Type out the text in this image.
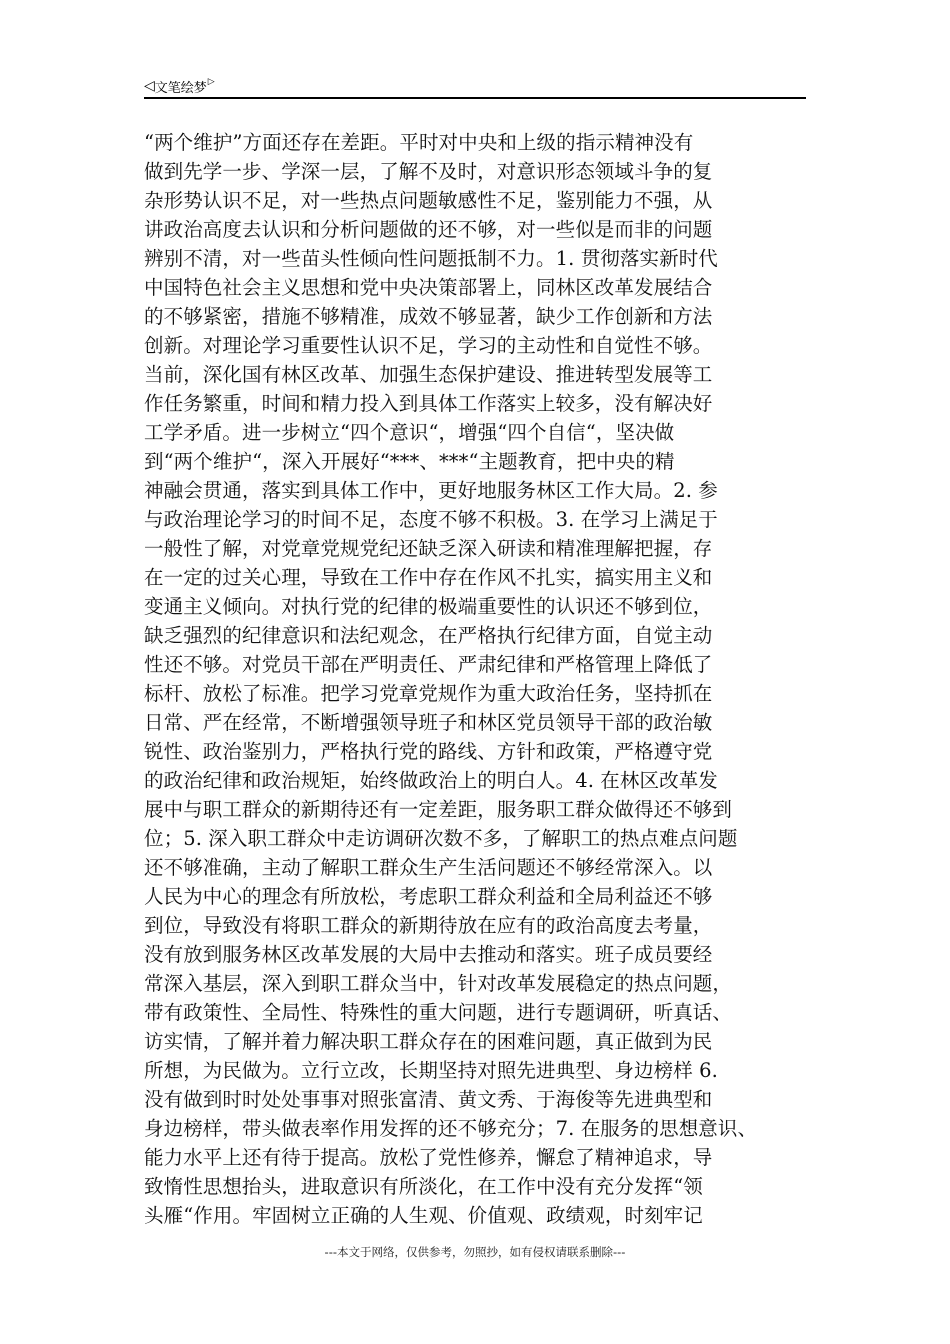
◁ 文笔绘梦 ▷
“两个维护”方面还存在差距。平时对中央和上级的指示精神没有
做到先学一步、学深一层，了解不及时，对意识形态领域斗争的复
杂形势认识不足，对一些热点问题敏感性不足，鉴别能力不强，从
讲政治高度去认识和分析问题做的还不够，对一些似是而非的问题
辨别不清，对一些苗头性倾向性问题抵制不力。1. 贯彻落实新时代
中国特色社会主义思想和党中央决策部署上，同林区改革发展结合
的不够紧密，措施不够精准，成效不够显著，缺少工作创新和方法
创新。对理论学习重要性认识不足，学习的主动性和自觉性不够。
当前，深化国有林区改革、加强生态保护建设、推进转型发展等工
作任务繁重，时间和精力投入到具体工作落实上较多，没有解决好
工学矛盾。进一步树立“四个意识“，增强“四个自信“，坚决做
到“两个维护“，深入开展好“***、***“主题教育，把中央的精
神融会贯通，落实到具体工作中，更好地服务林区工作大局。2. 参
与政治理论学习的时间不足，态度不够不积极。3. 在学习上满足于
一般性了解，对党章党规党纪还缺乏深入研读和精准理解把握，存
在一定的过关心理，导致在工作中存在作风不扎实，搞实用主义和
变通主义倾向。对执行党的纪律的极端重要性的认识还不够到位，
缺乏强烈的纪律意识和法纪观念，在严格执行纪律方面，自觉主动
性还不够。对党员干部在严明责任、严肃纪律和严格管理上降低了
标杆、放松了标准。把学习党章党规作为重大政治任务，坚持抓在
日常、严在经常，不断增强领导班子和林区党员领导干部的政治敏
锐性、政治鉴别力，严格执行党的路线、方针和政策，严格遵守党
的政治纪律和政治规矩，始终做政治上的明白人。4. 在林区改革发
展中与职工群众的新期待还有一定差距，服务职工群众做得还不够到
位；5. 深入职工群众中走访调研次数不多，了解职工的热点难点问题
还不够准确，主动了解职工群众生产生活问题还不够经常深入。以
人民为中心的理念有所放松，考虑职工群众利益和全局利益还不够
到位，导致没有将职工群众的新期待放在应有的政治高度去考量，
没有放到服务林区改革发展的大局中去推动和落实。班子成员要经
常深入基层，深入到职工群众当中，针对改革发展稳定的热点问题，
带有政策性、全局性、特殊性的重大问题，进行专题调研，听真话、
访实情，了解并着力解决职工群众存在的困难问题，真正做到为民
所想，为民做为。立行立改，长期坚持对照先进典型、身边榜样 6.
没有做到时时处处事事对照张富清、黄文秀、于海俊等先进典型和
身边榜样，带头做表率作用发挥的还不够充分；7. 在服务的思想意识、
能力水平上还有待于提高。放松了党性修养，懈怠了精神追求，导
致惰性思想抬头，进取意识有所淡化，在工作中没有充分发挥“领
头雁“作用。牢固树立正确的人生观、价值观、政绩观，时刻牢记
---本文于网络，仅供参考，勿照抄，如有侵权请联系删除---
